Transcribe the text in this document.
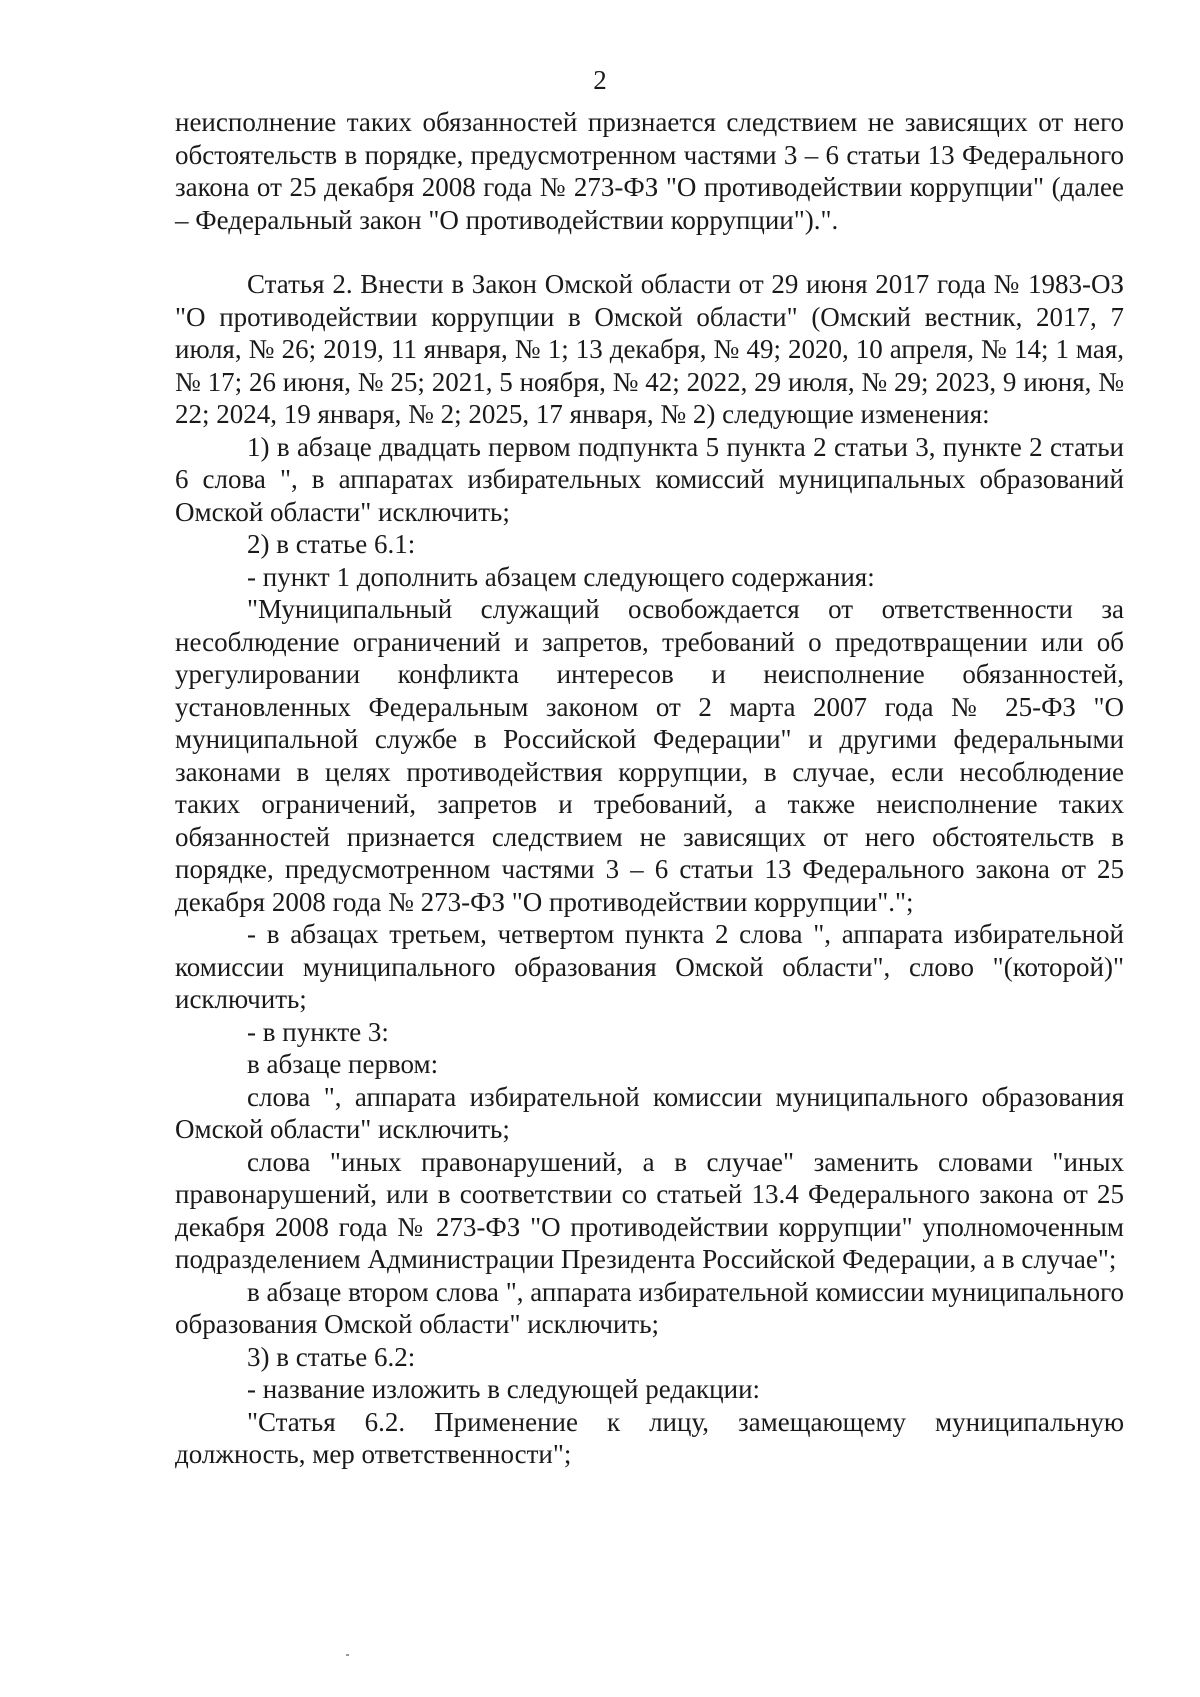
2

неисполнение таких обязанностей признается следствием не зависящих от него обстоятельств в порядке, предусмотренном частями 3 – 6 статьи 13 Федерального закона от 25 декабря 2008 года № 273-ФЗ "О противодействии коррупции" (далее – Федеральный закон "О противодействии коррупции").".

Статья 2. Внести в Закон Омской области от 29 июня 2017 года № 1983-ОЗ "О противодействии коррупции в Омской области" (Омский вестник, 2017, 7 июля, № 26; 2019, 11 января, № 1; 13 декабря, № 49; 2020, 10 апреля, № 14; 1 мая, № 17; 26 июня, № 25; 2021, 5 ноября, № 42; 2022, 29 июля, № 29; 2023, 9 июня, № 22; 2024, 19 января, № 2; 2025, 17 января, № 2) следующие изменения:

1) в абзаце двадцать первом подпункта 5 пункта 2 статьи 3, пункте 2 статьи 6 слова ", в аппаратах избирательных комиссий муниципальных образований Омской области" исключить;

2) в статье 6.1:

- пункт 1 дополнить абзацем следующего содержания:

"Муниципальный служащий освобождается от ответственности за несоблюдение ограничений и запретов, требований о предотвращении или об урегулировании конфликта интересов и неисполнение обязанностей, установленных Федеральным законом от 2 марта 2007 года № 25-ФЗ "О муниципальной службе в Российской Федерации" и другими федеральными законами в целях противодействия коррупции, в случае, если несоблюдение таких ограничений, запретов и требований, а также неисполнение таких обязанностей признается следствием не зависящих от него обстоятельств в порядке, предусмотренном частями 3 – 6 статьи 13 Федерального закона от 25 декабря 2008 года № 273-ФЗ "О противодействии коррупции".";

- в абзацах третьем, четвертом пункта 2 слова ", аппарата избирательной комиссии муниципального образования Омской области", слово "(которой)" исключить;

- в пункте 3:

в абзаце первом:

слова ", аппарата избирательной комиссии муниципального образования Омской области" исключить;

слова "иных правонарушений, а в случае" заменить словами "иных правонарушений, или в соответствии со статьей 13.4 Федерального закона от 25 декабря 2008 года № 273-ФЗ "О противодействии коррупции" уполномоченным подразделением Администрации Президента Российской Федерации, а в случае";

в абзаце втором слова ", аппарата избирательной комиссии муниципального образования Омской области" исключить;

3) в статье 6.2:

- название изложить в следующей редакции:

"Статья 6.2. Применение к лицу, замещающему муниципальную должность, мер ответственности";
